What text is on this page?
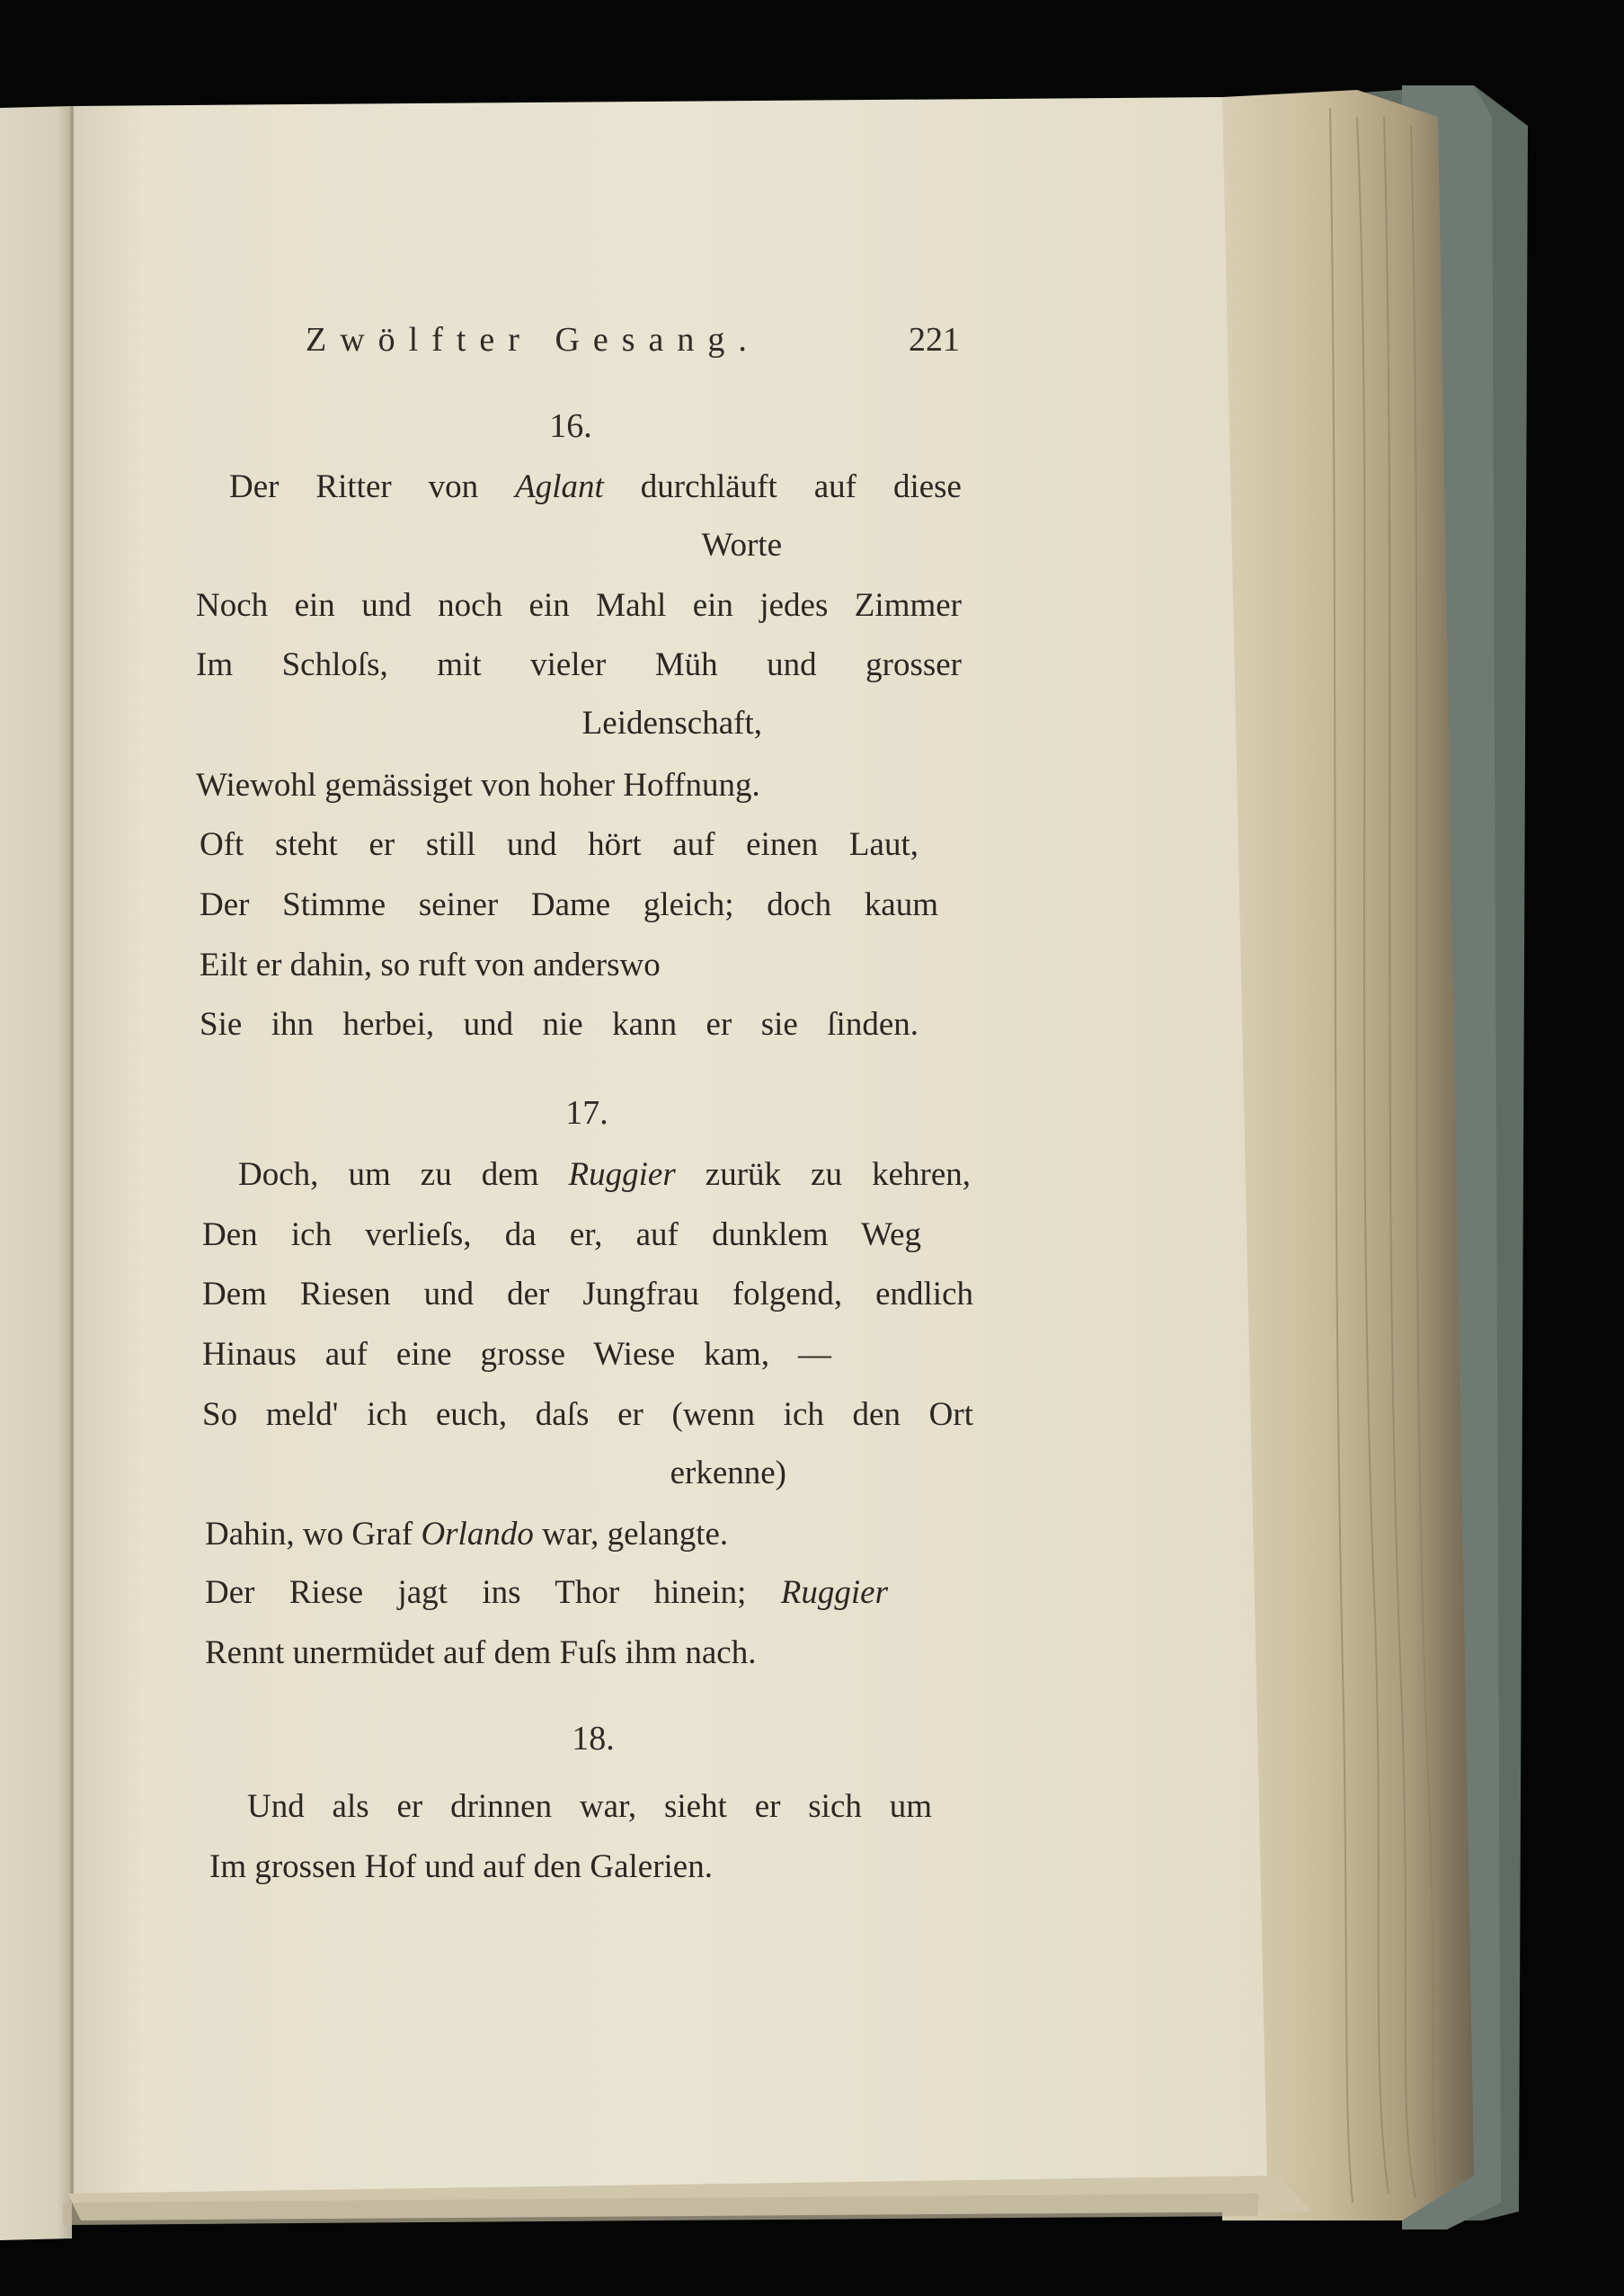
Zwölfter Gesang.	221
16.
Der Ritter von Aglant durchläuft auf diese
Worte
Noch ein und noch ein Mahl ein jedes Zimmer
Im Schloſs, mit vieler Müh und grosser
Leidenschaft,
Wiewohl gemässiget von hoher Hoffnung.
Oft steht er still und hört auf einen Laut,
Der Stimme seiner Dame gleich; doch kaum
Eilt er dahin, so ruft von anderswo
Sie ihn herbei, und nie kann er sie ſinden.
17.
Doch, um zu dem Ruggier zurük zu kehren,
Den ich verlieſs, da er, auf dunklem Weg
Dem Riesen und der Jungfrau folgend, endlich
Hinaus auf eine grosse Wiese kam, —
So meld' ich euch, daſs er (wenn ich den Ort
erkenne)
Dahin, wo Graf Orlando war, gelangte.
Der Riese jagt ins Thor hinein; Ruggier
Rennt unermüdet auf dem Fuſs ihm nach.
18.
Und als er drinnen war, sieht er sich um
Im grossen Hof und auf den Galerien.
